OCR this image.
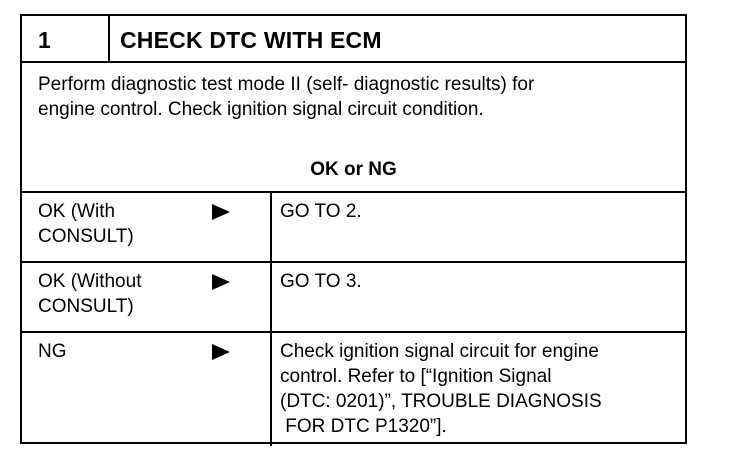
1	CHECK DTC WITH ECM
Perform diagnostic test mode II (self- diagnostic results) for
engine control. Check ignition signal circuit condition.
OK or NG
OK (With
CONSULT)
GO TO 2.
OK (Without
CONSULT)
GO TO 3.
NG	Check ignition signal circuit for engine
control. Refer to [“Ignition Signal
(DTC: 0201)”, TROUBLE DIAGNOSIS
FOR DTC P1320”].
